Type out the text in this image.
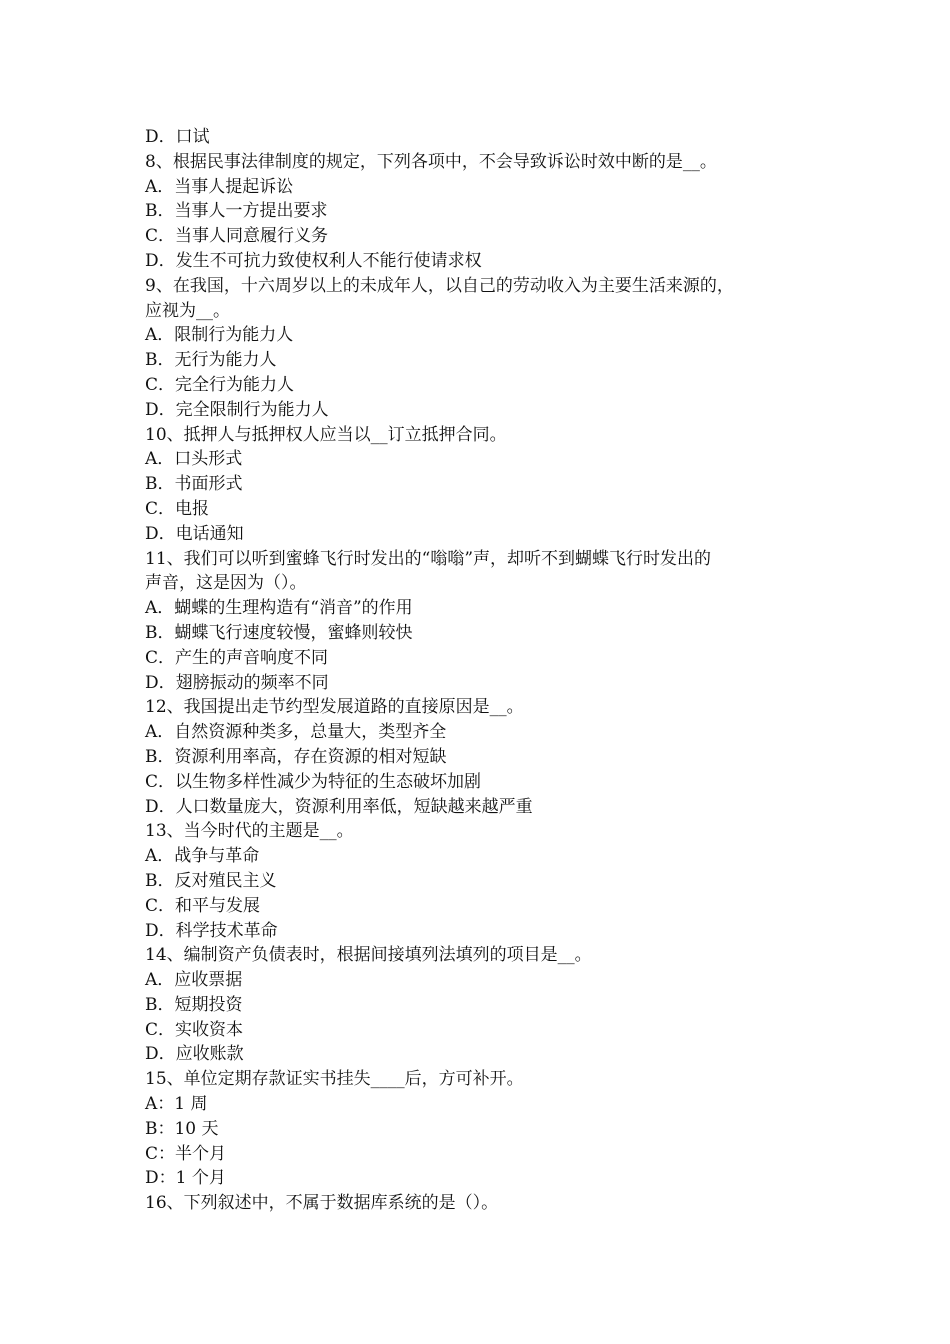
D．口试

8、根据民事法律制度的规定，下列各项中，不会导致诉讼时效中断的是__。

A．当事人提起诉讼

B．当事人一方提出要求

C．当事人同意履行义务

D．发生不可抗力致使权利人不能行使请求权

9、在我国，十六周岁以上的未成年人，以自己的劳动收入为主要生活来源的，

应视为__。

A．限制行为能力人

B．无行为能力人

C．完全行为能力人

D．完全限制行为能力人

10、抵押人与抵押权人应当以__订立抵押合同。

A．口头形式

B．书面形式

C．电报

D．电话通知

11、我们可以听到蜜蜂飞行时发出的“嗡嗡”声，却听不到蝴蝶飞行时发出的

声音，这是因为（）。

A．蝴蝶的生理构造有“消音”的作用

B．蝴蝶飞行速度较慢，蜜蜂则较快

C．产生的声音响度不同

D．翅膀振动的频率不同

12、我国提出走节约型发展道路的直接原因是__。

A．自然资源种类多，总量大，类型齐全

B．资源利用率高，存在资源的相对短缺

C．以生物多样性减少为特征的生态破坏加剧

D．人口数量庞大，资源利用率低，短缺越来越严重

13、当今时代的主题是__。

A．战争与革命

B．反对殖民主义

C．和平与发展

D．科学技术革命

14、编制资产负债表时，根据间接填列法填列的项目是__。

A．应收票据

B．短期投资

C．实收资本

D．应收账款

15、单位定期存款证实书挂失____后，方可补开。

A：1 周

B：10 天

C：半个月

D：1 个月

16、下列叙述中，不属于数据库系统的是（）。
